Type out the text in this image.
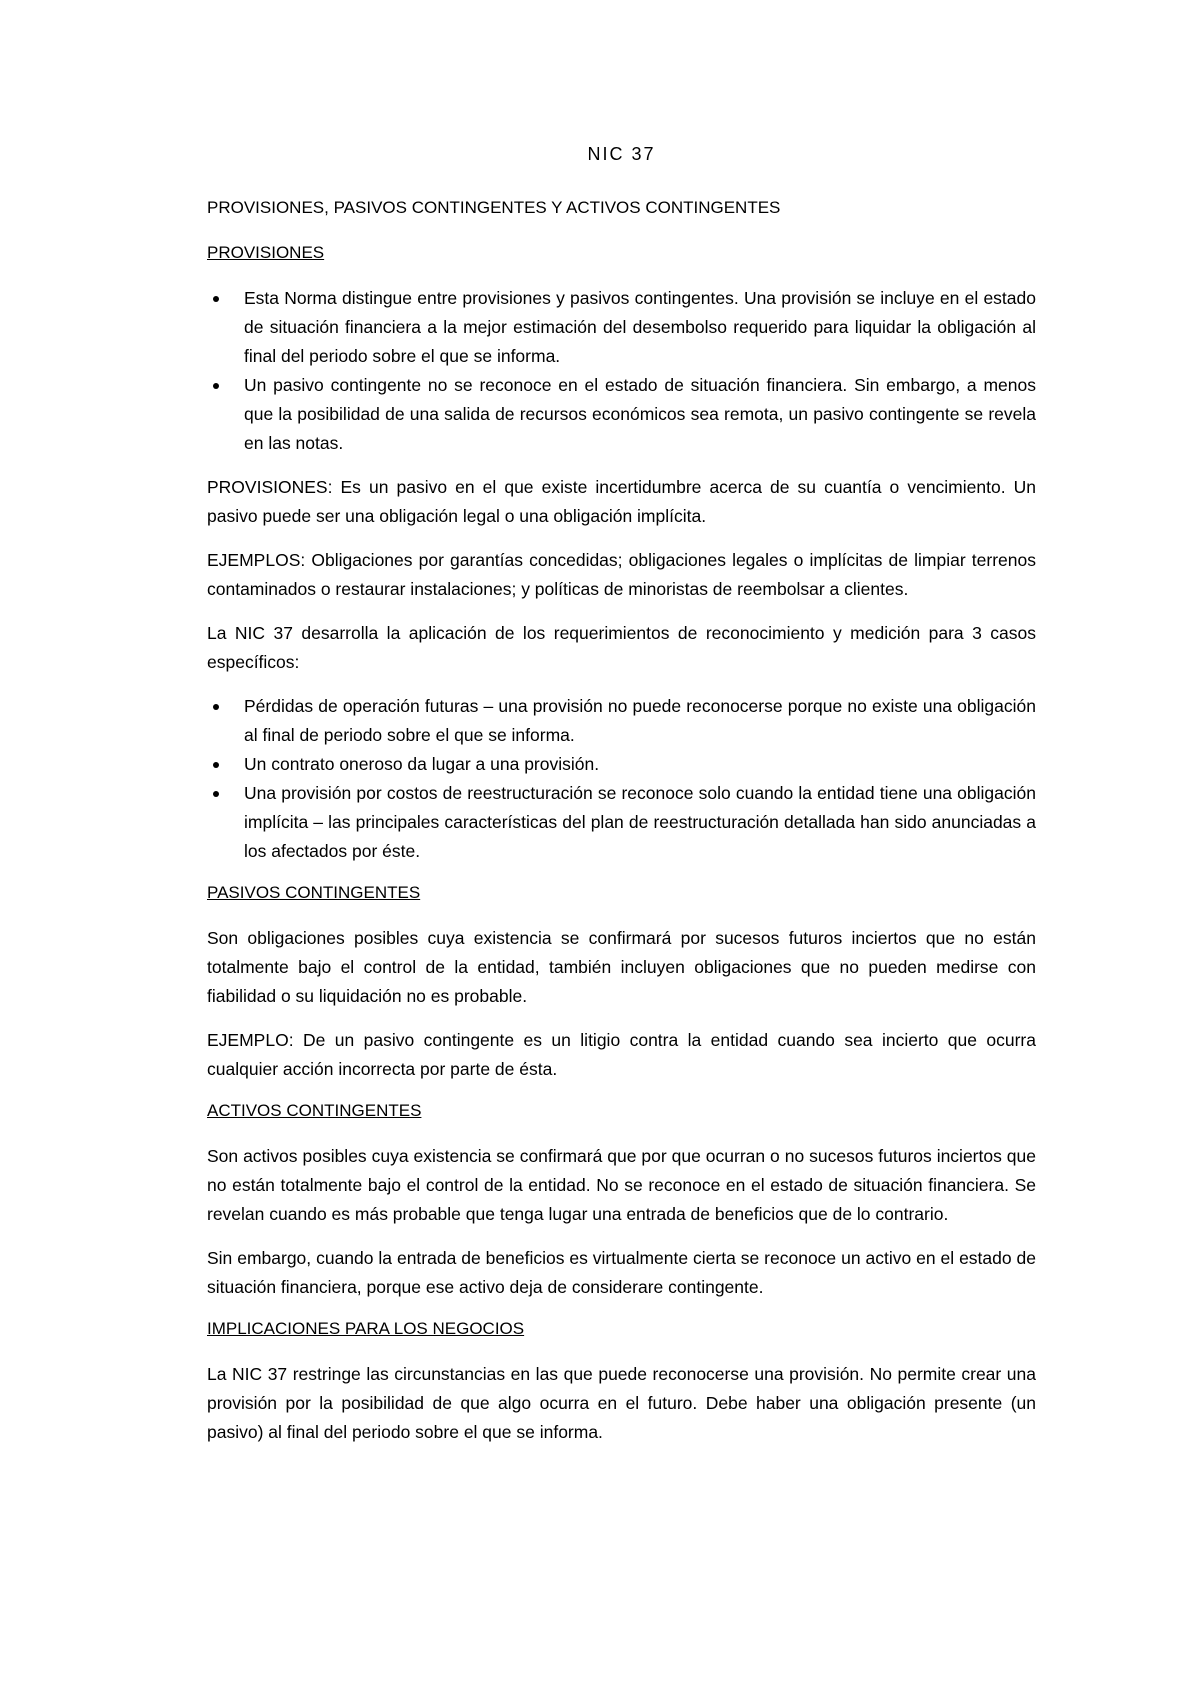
NIC 37
PROVISIONES, PASIVOS CONTINGENTES Y ACTIVOS CONTINGENTES
PROVISIONES
Esta Norma distingue entre provisiones y pasivos contingentes. Una provisión se incluye en el estado de situación financiera a la mejor estimación del desembolso requerido para liquidar la obligación al final del periodo sobre el que se informa.
Un pasivo contingente no se reconoce en el estado de situación financiera. Sin embargo, a menos que la posibilidad de una salida de recursos económicos sea remota, un pasivo contingente se revela en las notas.

PROVISIONES: Es un pasivo en el que existe incertidumbre acerca de su cuantía o vencimiento. Un pasivo puede ser una obligación legal o una obligación implícita.

EJEMPLOS: Obligaciones por garantías concedidas; obligaciones legales o implícitas de limpiar terrenos contaminados o restaurar instalaciones; y políticas de minoristas de reembolsar a clientes.

La NIC 37 desarrolla la aplicación de los requerimientos de reconocimiento y medición para 3 casos específicos:

Pérdidas de operación futuras – una provisión no puede reconocerse porque no existe una obligación al final de periodo sobre el que se informa.
Un contrato oneroso da lugar a una provisión.
Una provisión por costos de reestructuración se reconoce solo cuando la entidad tiene una obligación implícita – las principales características del plan de reestructuración detallada han sido anunciadas a los afectados por éste.
PASIVOS CONTINGENTES

Son obligaciones posibles cuya existencia se confirmará por sucesos futuros inciertos que no están totalmente bajo el control de la entidad, también incluyen obligaciones que no pueden medirse con fiabilidad o su liquidación no es probable.

EJEMPLO: De un pasivo contingente es un litigio contra la entidad cuando sea incierto que ocurra cualquier acción incorrecta por parte de ésta.

ACTIVOS CONTINGENTES

Son activos posibles cuya existencia se confirmará que por que ocurran o no sucesos futuros inciertos que no están totalmente bajo el control de la entidad. No se reconoce en el estado de situación financiera. Se revelan cuando es más probable que tenga lugar una entrada de beneficios que de lo contrario.

Sin embargo, cuando la entrada de beneficios es virtualmente cierta se reconoce un activo en el estado de situación financiera, porque ese activo deja de considerare contingente.

IMPLICACIONES PARA LOS NEGOCIOS

La NIC 37 restringe las circunstancias en las que puede reconocerse una provisión. No permite crear una provisión por la posibilidad de que algo ocurra en el futuro. Debe haber una obligación presente (un pasivo) al final del periodo sobre el que se informa.
